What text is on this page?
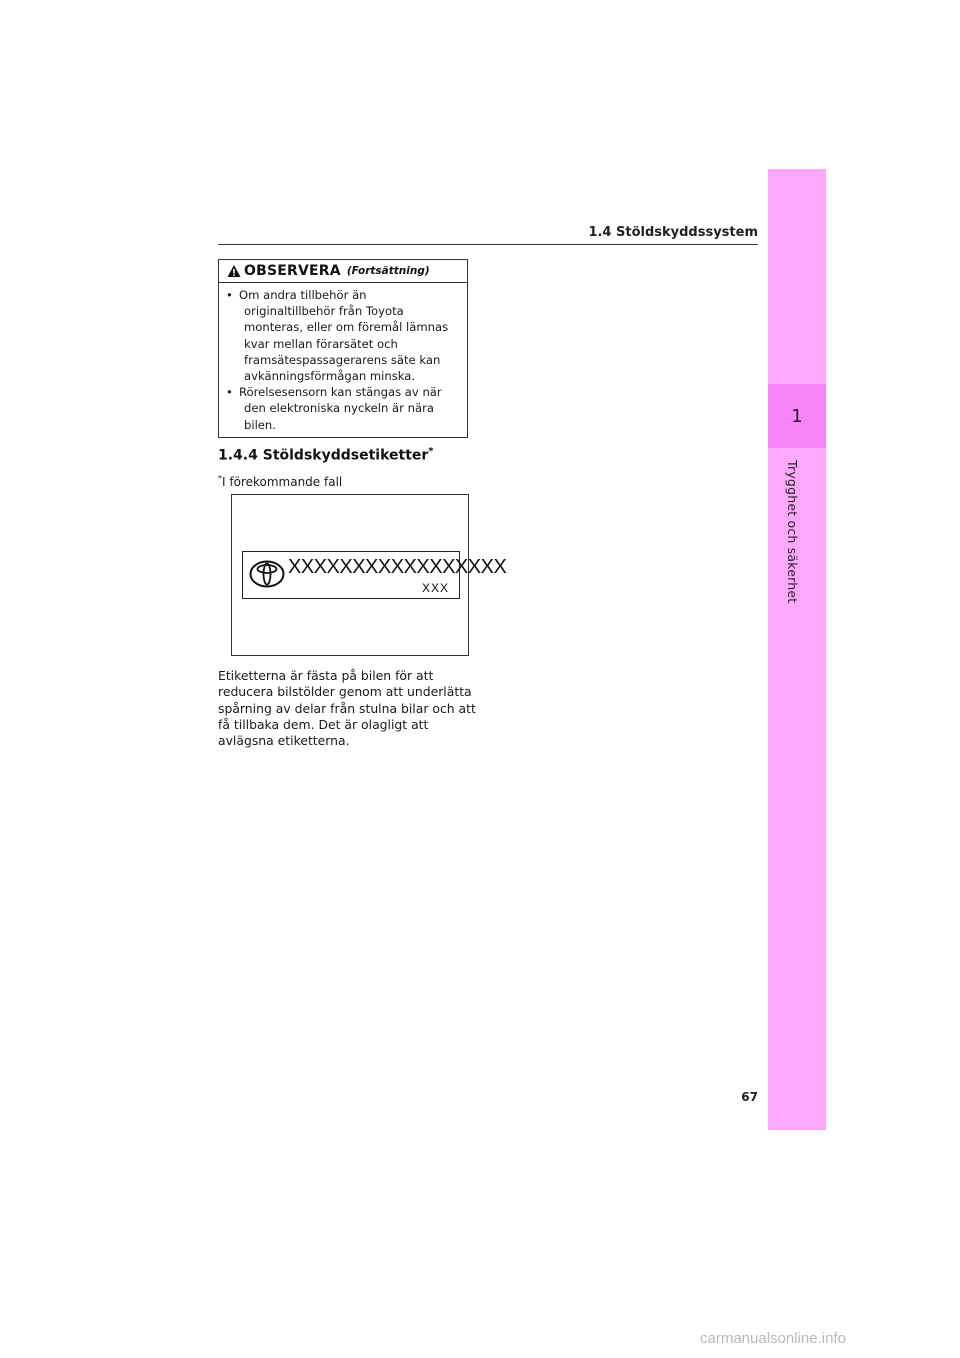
1.4 Stöldskyddssystem
1
Trygghet och säkerhet
OBSERVERA (Fortsättning)
• Om andra tillbehör än
originaltillbehör från Toyota
monteras, eller om föremål lämnas
kvar mellan förarsätet och
framsätespassagerarens säte kan
avkänningsförmågan minska.
• Rörelsesensorn kan stängas av när
den elektroniska nyckeln är nära
bilen.
1.4.4 Stöldskyddsetiketter*
*I förekommande fall
XXXXXXXXXXXXXXXXX
XXX
Etiketterna är fästa på bilen för att
reducera bilstölder genom att underlätta
spårning av delar från stulna bilar och att
få tillbaka dem. Det är olagligt att
avlägsna etiketterna.
67
carmanualsonline.info
